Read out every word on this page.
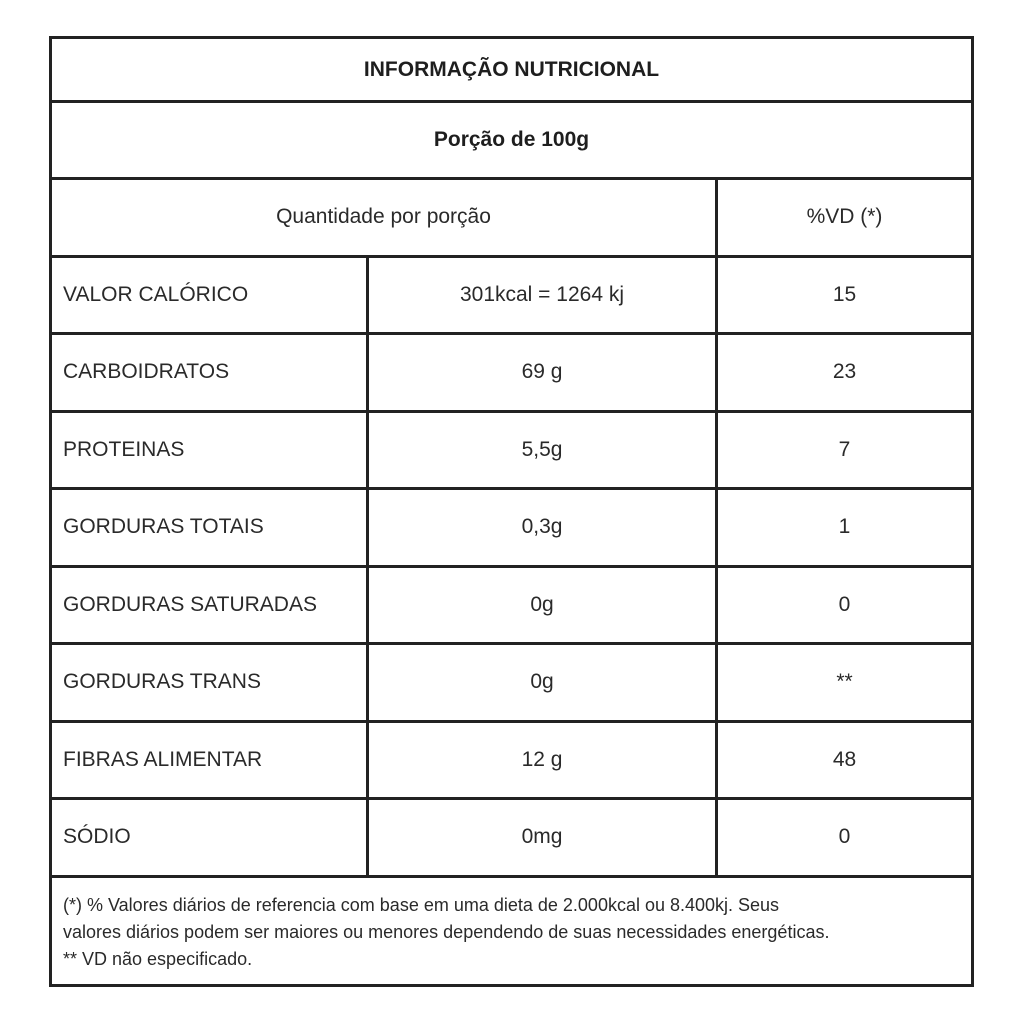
INFORMAÇÃO NUTRICIONAL
Porção de 100g
Quantidade por porção	%VD (*)
VALOR CALÓRICO	301kcal = 1264 kj	15
CARBOIDRATOS	69 g	23
PROTEINAS	5,5g	7
GORDURAS TOTAIS	0,3g	1
GORDURAS SATURADAS	0g	0
GORDURAS TRANS	0g	**
FIBRAS ALIMENTAR	12 g	48
SÓDIO	0mg	0
(*) % Valores diários de referencia com base em uma dieta de 2.000kcal ou 8.400kj. Seus
valores diários podem ser maiores ou menores dependendo de suas necessidades energéticas.
** VD não especificado.
